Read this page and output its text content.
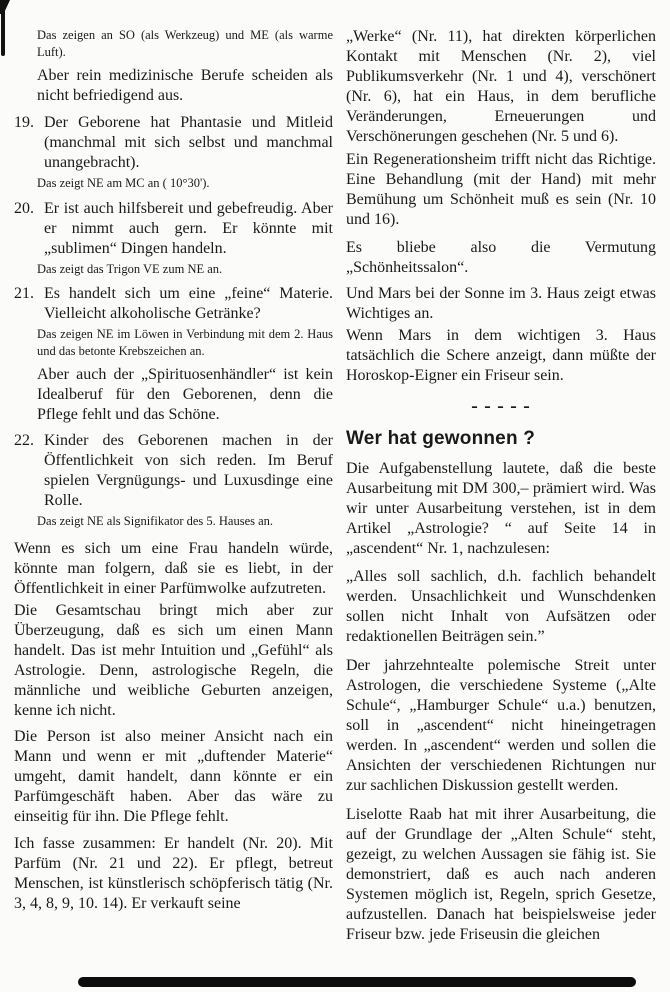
Das zeigen an SO (als Werkzeug) und ME (als warme Luft).

Aber rein medizinische Berufe scheiden als nicht befriedigend aus.

19. Der Geborene hat Phantasie und Mitleid (manchmal mit sich selbst und manchmal unangebracht).

Das zeigt NE am MC an ( 10°30').

20. Er ist auch hilfsbereit und gebefreudig. Aber er nimmt auch gern. Er könnte mit „sublimen“ Dingen handeln.

Das zeigt das Trigon VE zum NE an.

21. Es handelt sich um eine „feine“ Materie. Vielleicht alkoholische Getränke?

Das zeigen NE im Löwen in Verbindung mit dem 2. Haus und das betonte Krebszeichen an.

Aber auch der „Spirituosenhändler“ ist kein Idealberuf für den Geborenen, denn die Pflege fehlt und das Schöne.

22. Kinder des Geborenen machen in der Öffentlichkeit von sich reden. Im Beruf spielen Vergnügungs- und Luxusdinge eine Rolle.

Das zeigt NE als Signifikator des 5. Hauses an.

Wenn es sich um eine Frau handeln würde, könnte man folgern, daß sie es liebt, in der Öffentlichkeit in einer Parfümwolke aufzutreten.

Die Gesamtschau bringt mich aber zur Überzeugung, daß es sich um einen Mann handelt. Das ist mehr Intuition und „Gefühl“ als Astrologie. Denn, astrologische Regeln, die männliche und weibliche Geburten anzeigen, kenne ich nicht.

Die Person ist also meiner Ansicht nach ein Mann und wenn er mit „duftender Materie“ umgeht, damit handelt, dann könnte er ein Parfümgeschäft haben. Aber das wäre zu einseitig für ihn. Die Pflege fehlt.

Ich fasse zusammen: Er handelt (Nr. 20). Mit Parfüm (Nr. 21 und 22). Er pflegt, betreut Menschen, ist künstlerisch schöpferisch tätig (Nr. 3, 4, 8, 9, 10. 14). Er verkauft seine

„Werke“ (Nr. 11), hat direkten körperlichen Kontakt mit Menschen (Nr. 2), viel Publikumsverkehr (Nr. 1 und 4), verschönert (Nr. 6), hat ein Haus, in dem berufliche Veränderungen, Erneuerungen und Verschönerungen geschehen (Nr. 5 und 6).

Ein Regenerationsheim trifft nicht das Richtige. Eine Behandlung (mit der Hand) mit mehr Bemühung um Schönheit muß es sein (Nr. 10 und 16).

Es bliebe also die Vermutung „Schönheitssalon“.

Und Mars bei der Sonne im 3. Haus zeigt etwas Wichtiges an.

Wenn Mars in dem wichtigen 3. Haus tatsächlich die Schere anzeigt, dann müßte der Horoskop-Eigner ein Friseur sein.

– – – – –
Wer hat gewonnen ?

Die Aufgabenstellung lautete, daß die beste Ausarbeitung mit DM 300,– prämiert wird. Was wir unter Ausarbeitung verstehen, ist in dem Artikel „Astrologie? “ auf Seite 14 in „ascendent“ Nr. 1, nachzulesen:

„Alles soll sachlich, d.h. fachlich behandelt werden. Unsachlichkeit und Wunschdenken sollen nicht Inhalt von Aufsätzen oder redaktionellen Beiträgen sein.”

Der jahrzehntealte polemische Streit unter Astrologen, die verschiedene Systeme („Alte Schule“, „Hamburger Schule“ u.a.) benutzen, soll in „ascendent“ nicht hineingetragen werden. In „ascendent“ werden und sollen die Ansichten der verschiedenen Richtungen nur zur sachlichen Diskussion gestellt werden.

Liselotte Raab hat mit ihrer Ausarbeitung, die auf der Grundlage der „Alten Schule“ steht, gezeigt, zu welchen Aussagen sie fähig ist. Sie demonstriert, daß es auch nach anderen Systemen möglich ist, Regeln, sprich Gesetze, aufzustellen. Danach hat beispielsweise jeder Friseur bzw. jede Friseusin die gleichen
